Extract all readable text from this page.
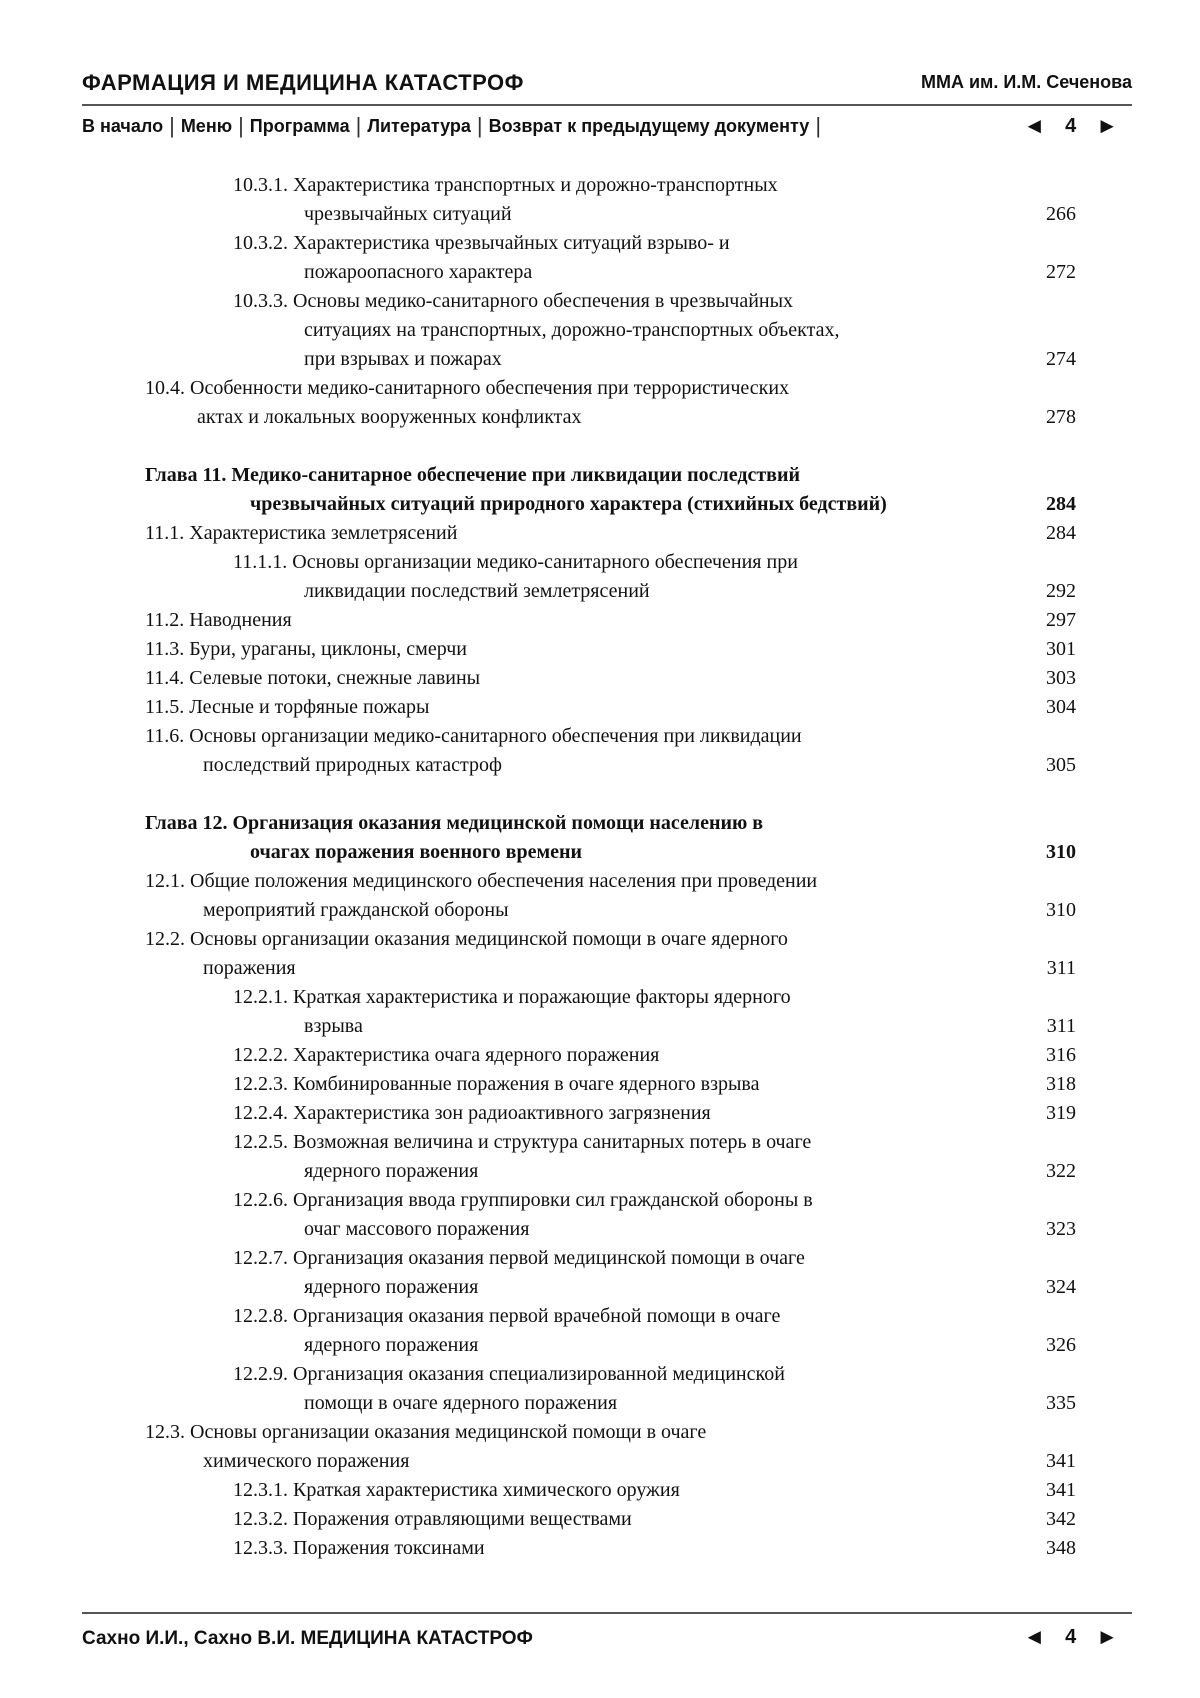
ФАРМАЦИЯ И МЕДИЦИНА КАТАСТРОФ	ММА им. И.М. Сеченова
В начало | Меню | Программа | Литература | Возврат к предыдущему документу |	◄ 4 ►
10.3.1. Характеристика транспортных и дорожно-транспортных
чрезвычайных ситуаций	266
10.3.2. Характеристика чрезвычайных ситуаций взрыво- и
пожароопасного характера	272
10.3.3. Основы медико-санитарного обеспечения в чрезвычайных
ситуациях на транспортных, дорожно-транспортных объектах,
при взрывах и пожарах	274
10.4. Особенности медико-санитарного обеспечения при террористических
актах и локальных вооруженных конфликтах	278
Глава 11. Медико-санитарное обеспечение при ликвидации последствий
чрезвычайных ситуаций природного характера (стихийных бедствий)	284
11.1. Характеристика землетрясений	284
11.1.1. Основы организации медико-санитарного обеспечения при
ликвидации последствий землетрясений	292
11.2. Наводнения	297
11.3. Бури, ураганы, циклоны, смерчи	301
11.4. Селевые потоки, снежные лавины	303
11.5. Лесные и торфяные пожары	304
11.6. Основы организации медико-санитарного обеспечения при ликвидации
последствий природных катастроф	305
Глава 12. Организация оказания медицинской помощи населению в
очагах поражения военного времени	310
12.1. Общие положения медицинского обеспечения населения при проведении
мероприятий гражданской обороны	310
12.2. Основы организации оказания медицинской помощи в очаге ядерного
поражения	311
12.2.1. Краткая характеристика и поражающие факторы ядерного
взрыва	311
12.2.2. Характеристика очага ядерного поражения	316
12.2.3. Комбинированные поражения в очаге ядерного взрыва	318
12.2.4. Характеристика зон радиоактивного загрязнения	319
12.2.5. Возможная величина и структура санитарных потерь в очаге
ядерного поражения	322
12.2.6. Организация ввода группировки сил гражданской обороны в
очаг массового поражения	323
12.2.7. Организация оказания первой медицинской помощи в очаге
ядерного поражения	324
12.2.8. Организация оказания первой врачебной помощи в очаге
ядерного поражения	326
12.2.9. Организация оказания специализированной медицинской
помощи в очаге ядерного поражения	335
12.3. Основы организации оказания медицинской помощи в очаге
химического поражения	341
12.3.1. Краткая характеристика химического оружия	341
12.3.2. Поражения отравляющими веществами	342
12.3.3. Поражения токсинами	348
Сахно И.И., Сахно В.И. МЕДИЦИНА КАТАСТРОФ	◄ 4 ►
